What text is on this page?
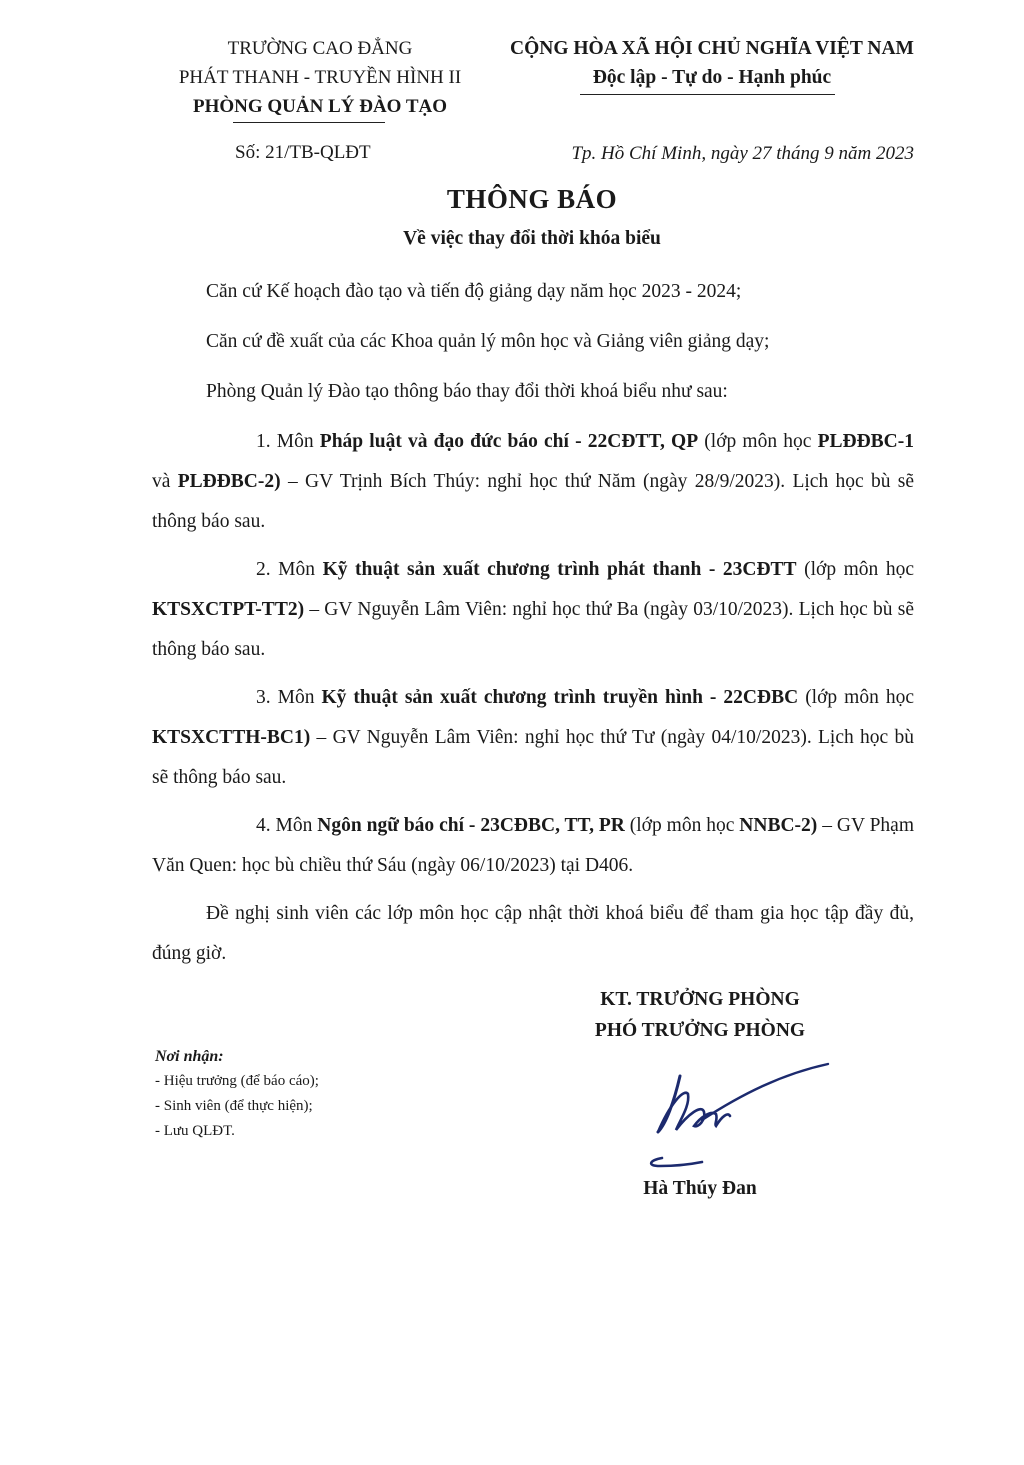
TRƯỜNG CAO ĐẲNG
PHÁT THANH - TRUYỀN HÌNH II
PHÒNG QUẢN LÝ ĐÀO TẠO
CỘNG HÒA XÃ HỘI CHỦ NGHĨA VIỆT NAM
Độc lập - Tự do - Hạnh phúc
Số: 21/TB-QLĐT	Tp. Hồ Chí Minh, ngày 27 tháng 9 năm 2023
THÔNG BÁO
Về việc thay đổi thời khóa biểu

Căn cứ Kế hoạch đào tạo và tiến độ giảng dạy năm học 2023 - 2024;

Căn cứ đề xuất của các Khoa quản lý môn học và Giảng viên giảng dạy;

Phòng Quản lý Đào tạo thông báo thay đổi thời khoá biểu như sau:

1. Môn Pháp luật và đạo đức báo chí - 22CĐTT, QP (lớp môn học PLĐĐBC-1 và PLĐĐBC-2) – GV Trịnh Bích Thúy: nghỉ học thứ Năm (ngày 28/9/2023). Lịch học bù sẽ thông báo sau.

2. Môn Kỹ thuật sản xuất chương trình phát thanh - 23CĐTT (lớp môn học KTSXCTPT-TT2) – GV Nguyễn Lâm Viên: nghỉ học thứ Ba (ngày 03/10/2023). Lịch học bù sẽ thông báo sau.

3. Môn Kỹ thuật sản xuất chương trình truyền hình - 22CĐBC (lớp môn học KTSXCTTH-BC1) – GV Nguyễn Lâm Viên: nghỉ học thứ Tư (ngày 04/10/2023). Lịch học bù sẽ thông báo sau.

4. Môn Ngôn ngữ báo chí - 23CĐBC, TT, PR (lớp môn học NNBC-2) – GV Phạm Văn Quen: học bù chiều thứ Sáu (ngày 06/10/2023) tại D406.

Đề nghị sinh viên các lớp môn học cập nhật thời khoá biểu để tham gia học tập đầy đủ, đúng giờ.

KT. TRƯỞNG PHÒNG
PHÓ TRƯỞNG PHÒNG
Hà Thúy Đan
Nơi nhận:
- Hiệu trưởng (để báo cáo);
- Sinh viên (để thực hiện);
- Lưu QLĐT.
